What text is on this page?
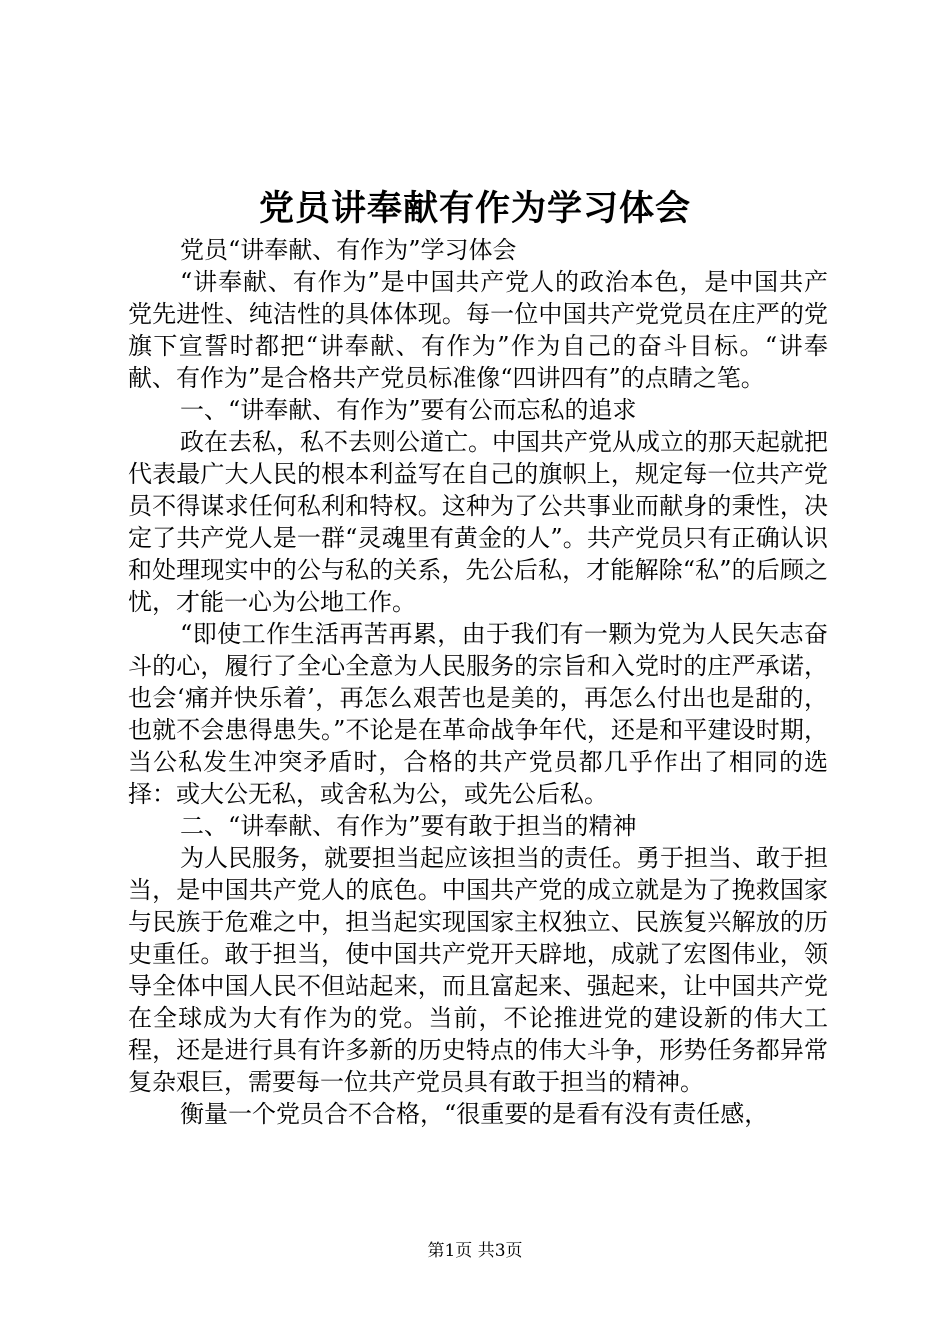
党员讲奉献有作为学习体会

党员“讲奉献、有作为”学习体会

“讲奉献、有作为”是中国共产党人的政治本色，是中国共产党先进性、纯洁性的具体体现。每一位中国共产党党员在庄严的党旗下宣誓时都把“讲奉献、有作为”作为自己的奋斗目标。“讲奉献、有作为”是合格共产党员标准像“四讲四有”的点睛之笔。

一、“讲奉献、有作为”要有公而忘私的追求

政在去私，私不去则公道亡。中国共产党从成立的那天起就把代表最广大人民的根本利益写在自己的旗帜上，规定每一位共产党员不得谋求任何私利和特权。这种为了公共事业而献身的秉性，决定了共产党人是一群“灵魂里有黄金的人”。共产党员只有正确认识和处理现实中的公与私的关系，先公后私，才能解除“私”的后顾之忧，才能一心为公地工作。

“即使工作生活再苦再累，由于我们有一颗为党为人民矢志奋斗的心，履行了全心全意为人民服务的宗旨和入党时的庄严承诺，也会‘痛并快乐着’，再怎么艰苦也是美的，再怎么付出也是甜的，也就不会患得患失。”不论是在革命战争年代，还是和平建设时期，当公私发生冲突矛盾时，合格的共产党员都几乎作出了相同的选择：或大公无私，或舍私为公，或先公后私。

二、“讲奉献、有作为”要有敢于担当的精神

为人民服务，就要担当起应该担当的责任。勇于担当、敢于担当，是中国共产党人的底色。中国共产党的成立就是为了挽救国家与民族于危难之中，担当起实现国家主权独立、民族复兴解放的历史重任。敢于担当，使中国共产党开天辟地，成就了宏图伟业，领导全体中国人民不但站起来，而且富起来、强起来，让中国共产党在全球成为大有作为的党。当前，不论推进党的建设新的伟大工程，还是进行具有许多新的历史特点的伟大斗争，形势任务都异常复杂艰巨，需要每一位共产党员具有敢于担当的精神。

衡量一个党员合不合格，“很重要的是看有没有责任感，

第1页 共3页
